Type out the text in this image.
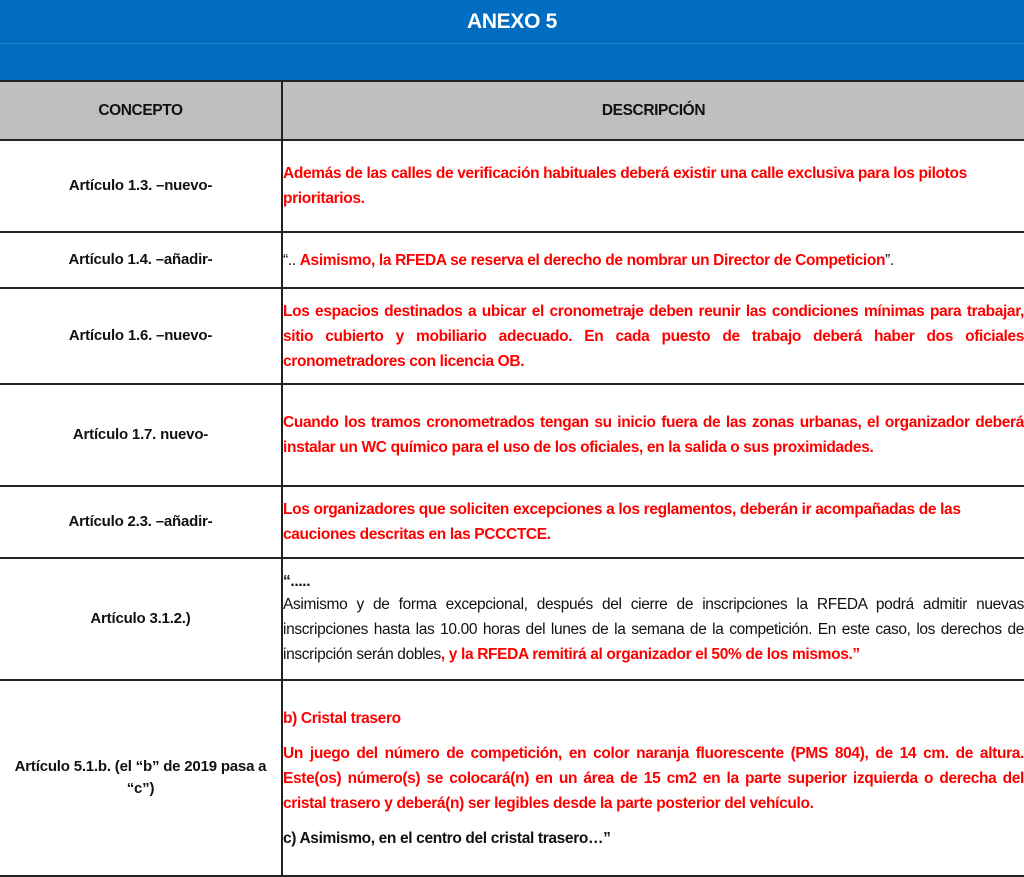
ANEXO 5
CONCEPTO	DESCRIPCIÓN
Artículo 1.3. –nuevo-	Además de las calles de verificación habituales deberá existir una calle exclusiva para los pilotos prioritarios.
Artículo 1.4. –añadir-	“.. Asimismo, la RFEDA se reserva el derecho de nombrar un Director de Competicion”.
Artículo 1.6. –nuevo-	Los espacios destinados a ubicar el cronometraje deben reunir las condiciones mínimas para trabajar, sitio cubierto y mobiliario adecuado. En cada puesto de trabajo deberá haber dos oficiales cronometradores con licencia OB.
Artículo 1.7. nuevo-	Cuando los tramos cronometrados tengan su inicio fuera de las zonas urbanas, el organizador deberá instalar un WC químico para el uso de los oficiales, en la salida o sus proximidades.
Artículo 2.3. –añadir-	Los organizadores que soliciten excepciones a los reglamentos, deberán ir acompañadas de las cauciones descritas en las PCCCTCE.
Artículo 3.1.2.)	“.....

Asimismo y de forma excepcional, después del cierre de inscripciones la RFEDA podrá admitir nuevas inscripciones hasta las 10.00 horas del lunes de la semana de la competición. En este caso, los derechos de inscripción serán dobles, y la RFEDA remitirá al organizador el 50% de los mismos.”

Artículo 5.1.b. (el “b” de 2019 pasa a “c”)	b) Cristal trasero

Un juego del número de competición, en color naranja fluorescente (PMS 804), de 14 cm. de altura. Este(os) número(s) se colocará(n) en un área de 15 cm2 en la parte superior izquierda o derecha del cristal trasero y deberá(n) ser legibles desde la parte posterior del vehículo.

c) Asimismo, en el centro del cristal trasero…”
